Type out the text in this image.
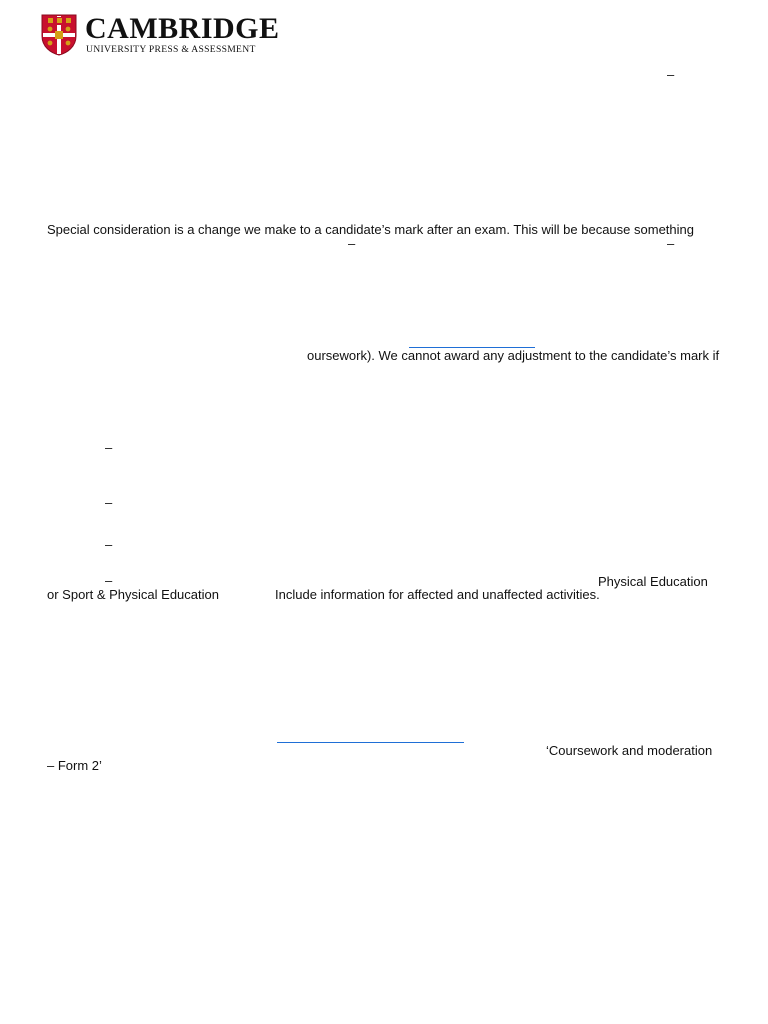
CAMBRIDGE
UNIVERSITY PRESS & ASSESSMENT
–
Special consideration is a change we make to a candidate’s mark after an exam. This will be because something
–	–
oursework). We cannot award any adjustment to the candidate’s mark if
–
–
–
–	Physical Education
or Sport & Physical Education	Include information for affected and unaffected activities.
‘Coursework and moderation
– Form 2’
